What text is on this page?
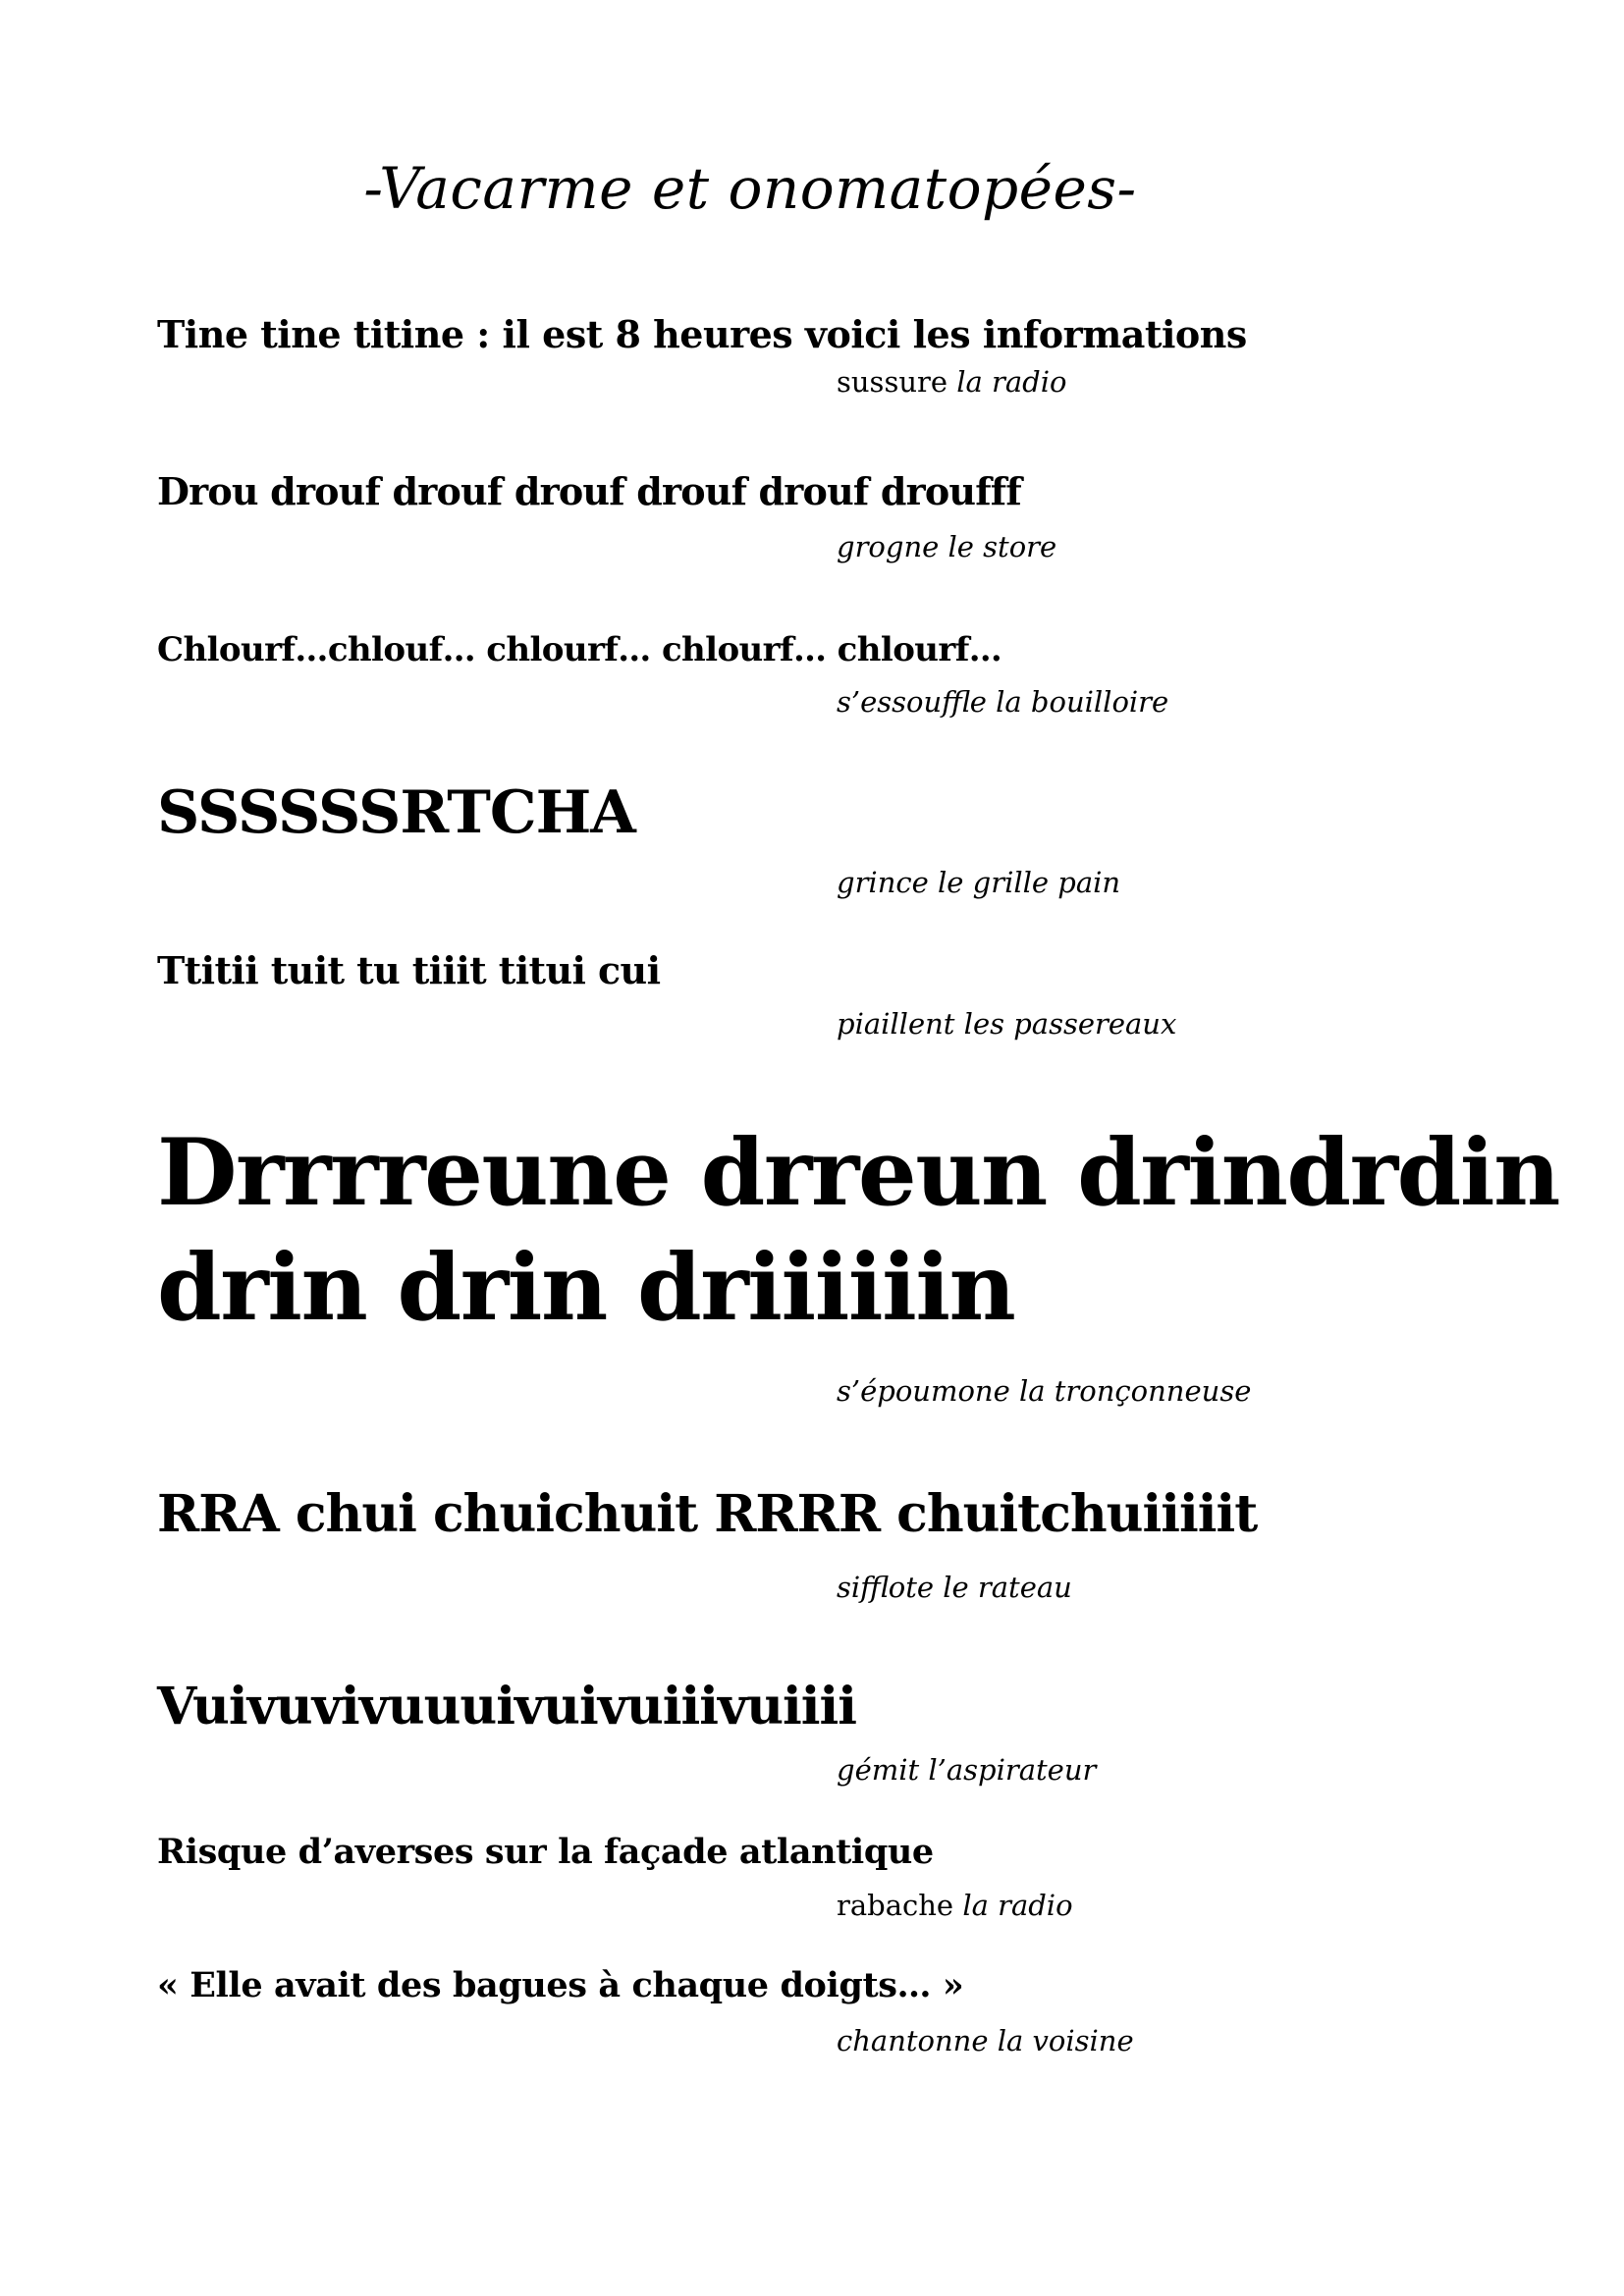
-Vacarme et onomatopées-
Tine tine titine : il est 8 heures voici les informations
sussure la radio
Drou drouf drouf drouf drouf drouf droufff
grogne le store
Chlourf…chlouf… chlourf… chlourf… chlourf…
s’essouffle la bouilloire
SSSSSSRTCHA
grince le grille pain
Ttitii tuit tu tiiit titui cui
piaillent les passereaux
Drrrreune drreun drindrdin
drin drin driiiiiin
s’époumone la tronçonneuse
RRA chui chuichuit RRRR chuitchuiiiiit
sifflote le rateau
Vuivuvivuuuivuivuiiivuiiii
gémit l’aspirateur
Risque d’averses sur la façade atlantique
rabache la radio
« Elle avait des bagues à chaque doigts… »
chantonne la voisine
